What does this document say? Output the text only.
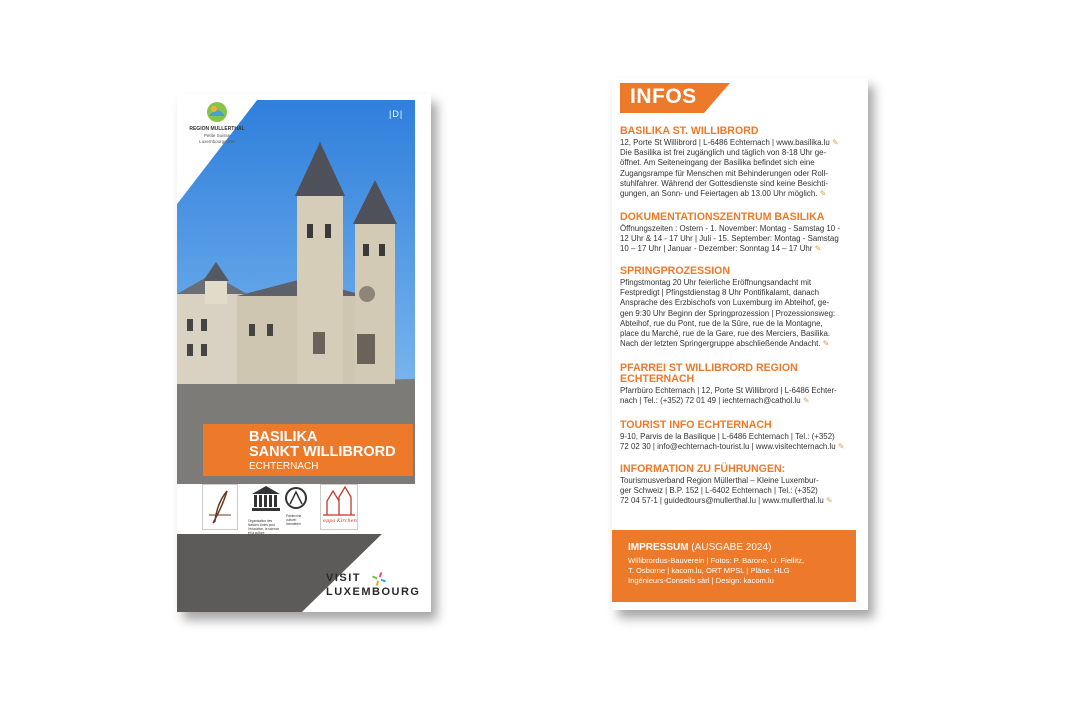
REGION MULLERTHAL
Petite Suisse
Luxembourgeoise
|D|
BASILIKA
SANKT WILLIBRORD
ECHTERNACH
Organisation des Nations Unies pour l'éducation, la science et la culture
Patrimoine culturel immatériel	eppa Kirchen
VISIT
LUXEMBOURG
INFOS
BASILIKA ST. WILLIBRORD

12, Porte St Willibrord | L-6486 Echternach | www.basilika.lu ✎
Die Basilika ist frei zugänglich und täglich von 8-18 Uhr ge-
öffnet. Am Seiteneingang der Basilika befindet sich eine
Zugangsrampe für Menschen mit Behinderungen oder Roll-
stuhlfahrer. Während der Gottesdienste sind keine Besichti-
gungen, an Sonn- und Feiertagen ab 13.00 Uhr möglich. ✎

DOKUMENTATIONSZENTRUM BASILIKA

Öffnungszeiten : Ostern - 1. November: Montag - Samstag 10 -
12 Uhr & 14 - 17 Uhr | Juli - 15. September: Montag - Samstag
10 – 17 Uhr | Januar - Dezember: Sonntag 14 – 17 Uhr ✎

SPRINGPROZESSION

Pfingstmontag 20 Uhr feierliche Eröffnungsandacht mit
Festpredigt | Pfingstdienstag 8 Uhr Pontifikalamt, danach
Ansprache des Erzbischofs von Luxemburg im Abteihof, ge-
gen 9:30 Uhr Beginn der Springprozession | Prozessionsweg:
Abteihof, rue du Pont, rue de la Sûre, rue de la Montagne,
place du Marché, rue de la Gare, rue des Merciers, Basilika.
Nach der letzten Springergruppe abschließende Andacht. ✎

PFARREI ST WILLIBRORD REGION ECHTERNACH

Pfarrbüro Echternach | 12, Porte St Willibrord | L-6486 Echter-
nach | Tel.: (+352) 72 01 49 | iechternach@cathol.lu ✎

TOURIST INFO ECHTERNACH

9-10, Parvis de la Basilique | L-6486 Echternach | Tel.: (+352)
72 02 30 | info@echternach-tourist.lu | www.visitechternach.lu ✎

INFORMATION ZU FÜHRUNGEN:

Tourismusverband Region Müllerthal – Kleine Luxembur-
ger Schweiz | B.P. 152 | L-6402 Echternach | Tel.: (+352)
72 04 57-1 | guidedtours@mullerthal.lu | www.mullerthal.lu ✎

IMPRESSUM (AUSGABE 2024)

Willibrordus-Bauverein | Fotos: P. Barone, U. Fiellitz,
T. Osborne | kacom.lu, ORT MPSL | Pläne: HLG
Ingénieurs-Conseils sàrl | Design: kacom.lu
